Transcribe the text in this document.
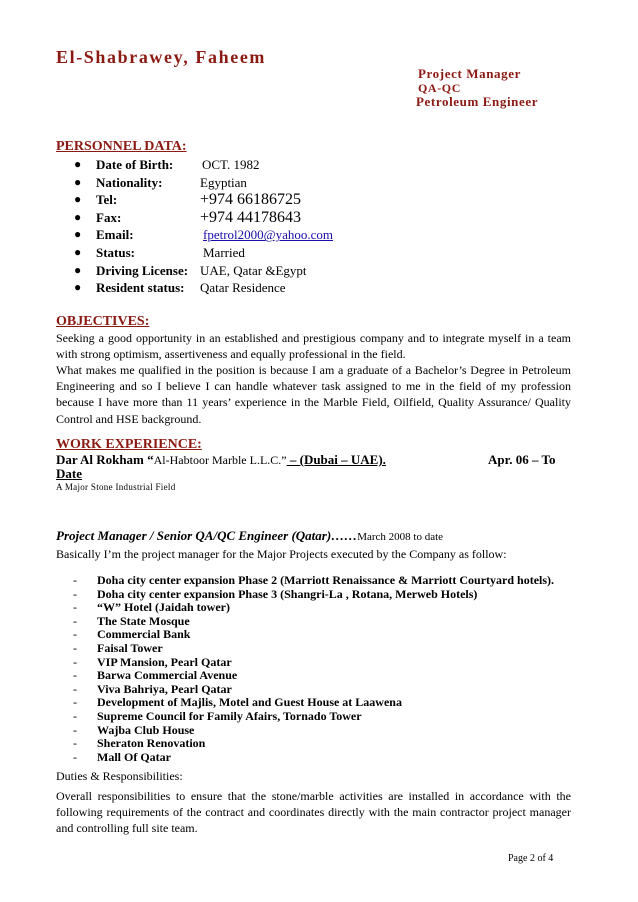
El-Shabrawey, Faheem
Project Manager
QA-QC
Petroleum Engineer
PERSONNEL DATA:
● Date of Birth: OCT. 1982
● Nationality:	Egyptian
● Tel:	+974 66186725
● Fax:	+974 44178643
● Email:	fpetrol2000@yahoo.com
● Status:	Married
● Driving License: UAE, Qatar &Egypt
● Resident status: Qatar Residence
OBJECTIVES:
Seeking a good opportunity in an established and prestigious company and to integrate myself in a team with strong optimism, assertiveness and equally professional in the field.
What makes me qualified in the position is because I am a graduate of a Bachelor’s Degree in Petroleum Engineering and so I believe I can handle whatever task assigned to me in the field of my profession because I have more than 11 years’ experience in the Marble Field, Oilfield, Quality Assurance/ Quality Control and HSE background.
WORK EXPERIENCE:
Dar Al Rokham “Al-Habtoor Marble L.L.C.” – (Dubai – UAE).	Apr. 06 – To
Date
A Major Stone Industrial Field
Project Manager / Senior QA/QC Engineer (Qatar)……March 2008 to date
Basically I’m the project manager for the Major Projects executed by the Company as follow:
- Doha city center expansion Phase 2 (Marriott Renaissance & Marriott Courtyard hotels).
- Doha city center expansion Phase 3 (Shangri-La , Rotana, Merweb Hotels)
- “W” Hotel (Jaidah tower)
- The State Mosque
- Commercial Bank
- Faisal Tower
- VIP Mansion, Pearl Qatar
- Barwa Commercial Avenue
- Viva Bahriya, Pearl Qatar
- Development of Majlis, Motel and Guest House at Laawena
- Supreme Council for Family Afairs, Tornado Tower
- Wajba Club House
- Sheraton Renovation
- Mall Of Qatar
Duties & Responsibilities:
Overall responsibilities to ensure that the stone/marble activities are installed in accordance with the following requirements of the contract and coordinates directly with the main contractor project manager and controlling full site team.
Page 2 of 4
